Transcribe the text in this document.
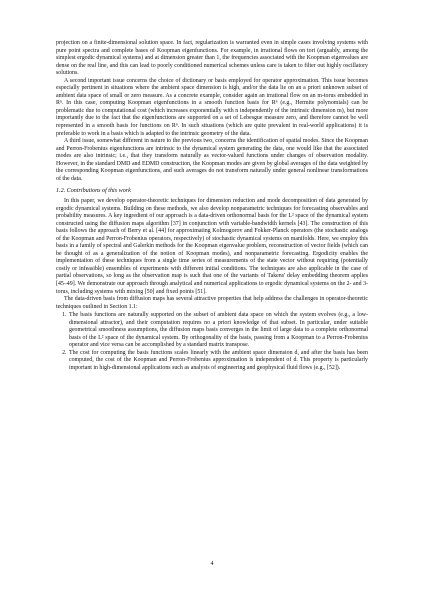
projection on a finite-dimensional solution space. In fact, regularization is warranted even in simple cases involving systems with pure point spectra and complete bases of Koopman eigenfunctions. For example, in irrational flows on tori (arguably, among the simplest ergodic dynamical systems) and at dimension greater than 1, the frequencies associated with the Koopman eigenvalues are dense on the real line, and this can lead to poorly conditioned numerical schemes unless care is taken to filter out highly oscillatory solutions.

A second important issue concerns the choice of dictionary or basis employed for operator approximation. This issue becomes especially pertinent in situations where the ambient space dimension is high, and/or the data lie on an a priori unknown subset of ambient data space of small or zero measure. As a concrete example, consider again an irrational flow on an m-torus embedded in Rⁿ. In this case, computing Koopman eigenfunctions in a smooth function basis for Rⁿ (e.g., Hermite polynomials) can be problematic due to computational cost (which increases exponentially with n independently of the intrinsic dimension m), but more importantly due to the fact that the eigenfunctions are supported on a set of Lebesgue measure zero, and therefore cannot be well represented in a smooth basis for functions on Rⁿ. In such situations (which are quite prevalent in real-world applications) it is preferable to work in a basis which is adapted to the intrinsic geometry of the data.

A third issue, somewhat different in nature to the previous two, concerns the identification of spatial modes. Since the Koopman and Perron-Frobenius eigenfunctions are intrinsic to the dynamical system generating the data, one would like that the associated modes are also intrinsic; i.e., that they transform naturally as vector-valued functions under changes of observation modality. However, in the standard DMD and EDMD construction, the Koopman modes are given by global averages of the data weighted by the corresponding Koopman eigenfunctions, and such averages do not transform naturally under general nonlinear transformations of the data.

1.2. Contributions of this work

In this paper, we develop operator-theoretic techniques for dimension reduction and mode decomposition of data generated by ergodic dynamical systems. Building on these methods, we also develop nonparametric techniques for forecasting observables and probability measures. A key ingredient of our approach is a data-driven orthonormal basis for the L² space of the dynamical system constructed using the diffusion maps algorithm [37] in conjunction with variable-bandwidth kernels [43]. The construction of this basis follows the approach of Berry et al. [44] for approximating Kolmogorov and Fokker-Planck operators (the stochastic analogs of the Koopman and Perron-Frobenius operators, respectively) of stochastic dynamical systems on manifolds. Here, we employ this basis in a family of spectral and Galerkin methods for the Koopman eigenvalue problem, reconstruction of vector fields (which can be thought of as a generalization of the notion of Koopman modes), and nonparametric forecasting. Ergodicity enables the implementation of these techniques from a single time series of measurements of the state vector without requiring (potentially costly or infeasible) ensembles of experiments with different initial conditions. The techniques are also applicable in the case of partial observations, so long as the observation map is such that one of the variants of Takens' delay embedding theorem applies [45–49]. We demonstrate our approach through analytical and numerical applications to ergodic dynamical systems on the 2- and 3-torus, including systems with mixing [50] and fixed points [51].

The data-driven basis from diffusion maps has several attractive properties that help address the challenges in operator-theoretic techniques outlined in Section 1.1:

1. The basis functions are naturally supported on the subset of ambient data space on which the system evolves (e.g., a low-dimensional attractor), and their computation requires no a priori knowledge of that subset. In particular, under suitable geometrical smoothness assumptions, the diffusion maps basis converges in the limit of large data to a complete orthonormal basis of the L² space of the dynamical system. By orthogonality of the basis, passing from a Koopman to a Perron-Frobenius operator and vice versa can be accomplished by a standard matrix transpose.
2. The cost for computing the basis functions scales linearly with the ambient space dimension d, and after the basis has been computed, the cost of the Koopman and Perron-Frobenius approximation is independent of d. This property is particularly important in high-dimensional applications such as analysis of engineering and geophysical fluid flows (e.g., [52]).
4
